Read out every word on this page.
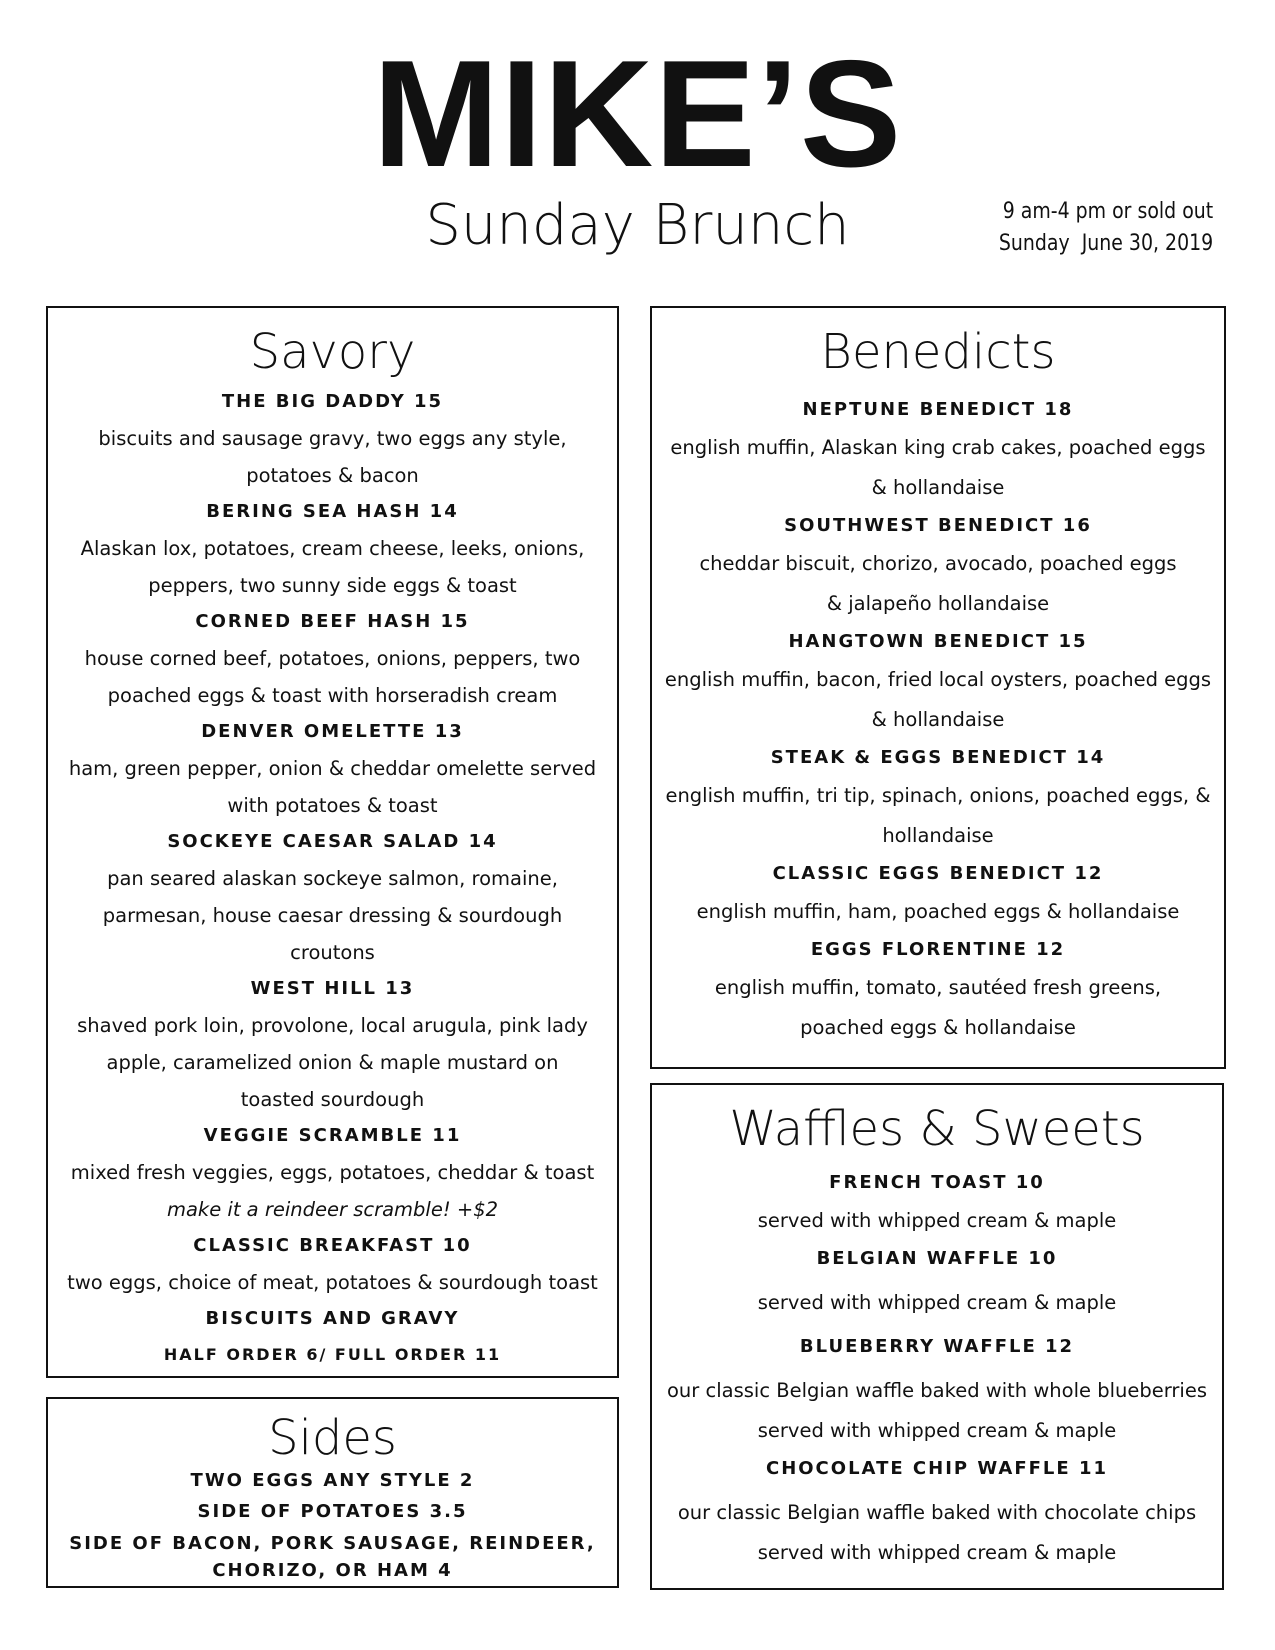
MIKE’S
Sunday Brunch	9 am-4 pm or sold out
Sunday  June 30, 2019
Savory

THE BIG DADDY 15

biscuits and sausage gravy, two eggs any style, potatoes & bacon

BERING SEA HASH 14

Alaskan lox, potatoes, cream cheese, leeks, onions, peppers, two sunny side eggs & toast

CORNED BEEF HASH 15

house corned beef, potatoes, onions, peppers, two poached eggs & toast with horseradish cream

DENVER OMELETTE 13

ham, green pepper, onion & cheddar omelette served with potatoes & toast

SOCKEYE CAESAR SALAD 14

pan seared alaskan sockeye salmon, romaine, parmesan, house caesar dressing & sourdough croutons

WEST HILL 13

shaved pork loin, provolone, local arugula, pink lady apple, caramelized onion & maple mustard on toasted sourdough

VEGGIE SCRAMBLE 11

mixed fresh veggies, eggs, potatoes, cheddar & toast

make it a reindeer scramble! +$2

CLASSIC BREAKFAST 10

two eggs, choice of meat, potatoes & sourdough toast

BISCUITS AND GRAVY

HALF ORDER 6/ FULL ORDER 11

Sides

TWO EGGS ANY STYLE 2

SIDE OF POTATOES 3.5

SIDE OF BACON, PORK SAUSAGE, REINDEER,

CHORIZO, OR HAM 4

Benedicts

NEPTUNE BENEDICT 18

english muffin, Alaskan king crab cakes, poached eggs & hollandaise

SOUTHWEST BENEDICT 16

cheddar biscuit, chorizo, avocado, poached eggs & jalapeño hollandaise

HANGTOWN BENEDICT 15

english muffin, bacon, fried local oysters, poached eggs & hollandaise

STEAK & EGGS BENEDICT 14

english muffin, tri tip, spinach, onions, poached eggs, & hollandaise

CLASSIC EGGS BENEDICT 12

english muffin, ham, poached eggs & hollandaise

EGGS FLORENTINE 12

english muffin, tomato, sautéed fresh greens, poached eggs & hollandaise

Waffles & Sweets

FRENCH TOAST 10

served with whipped cream & maple

BELGIAN WAFFLE 10

served with whipped cream & maple

BLUEBERRY WAFFLE 12

our classic Belgian waffle baked with whole blueberries

served with whipped cream & maple

CHOCOLATE CHIP WAFFLE 11

our classic Belgian waffle baked with chocolate chips

served with whipped cream & maple
